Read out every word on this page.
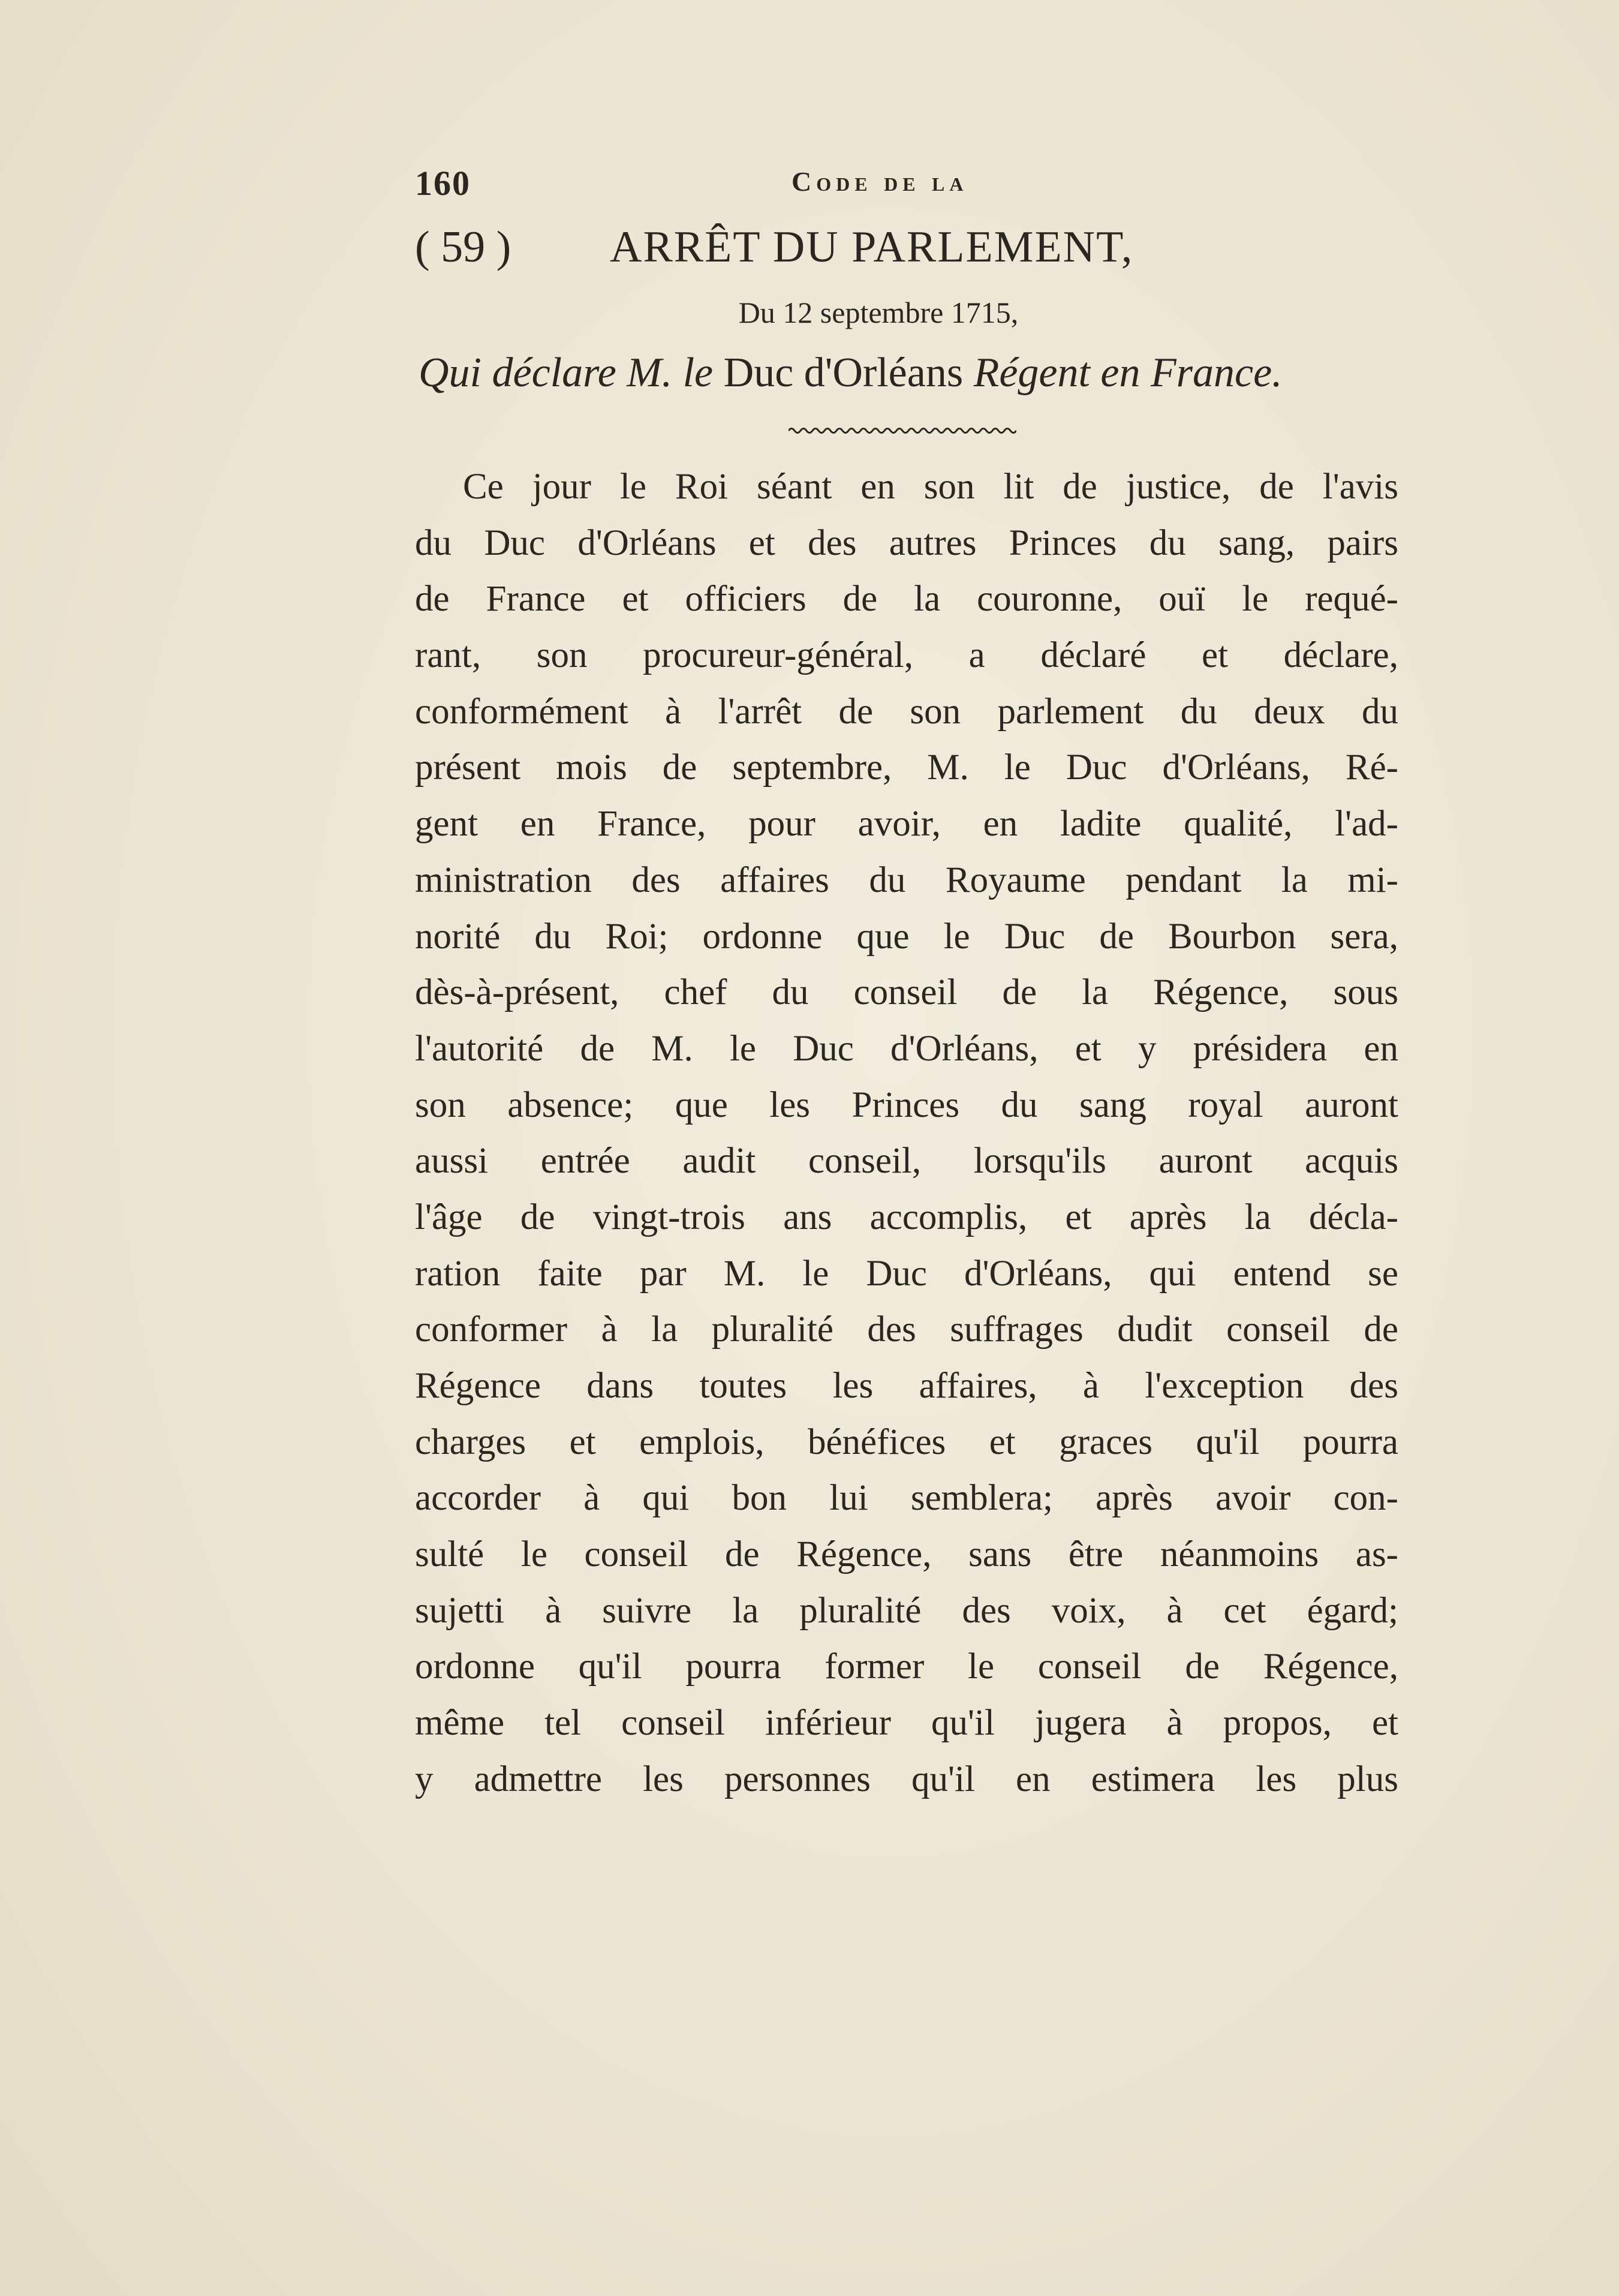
160	Code de la
( 59 ) ARRÊT DU PARLEMENT,
Du 12 septembre 1715,
Qui déclare M. le Duc d'Orléans Régent en France.
Ce jour le Roi séant en son lit de justice, de l'avis
du Duc d'Orléans et des autres Princes du sang, pairs
de France et officiers de la couronne, ouï le requé-
rant, son procureur-général, a déclaré et déclare,
conformément à l'arrêt de son parlement du deux du
présent mois de septembre, M. le Duc d'Orléans, Ré-
gent en France, pour avoir, en ladite qualité, l'ad-
ministration des affaires du Royaume pendant la mi-
norité du Roi; ordonne que le Duc de Bourbon sera,
dès-à-présent, chef du conseil de la Régence, sous
l'autorité de M. le Duc d'Orléans, et y présidera en
son absence; que les Princes du sang royal auront
aussi entrée audit conseil, lorsqu'ils auront acquis
l'âge de vingt-trois ans accomplis, et après la décla-
ration faite par M. le Duc d'Orléans, qui entend se
conformer à la pluralité des suffrages dudit conseil de
Régence dans toutes les affaires, à l'exception des
charges et emplois, bénéfices et graces qu'il pourra
accorder à qui bon lui semblera; après avoir con-
sulté le conseil de Régence, sans être néanmoins as-
sujetti à suivre la pluralité des voix, à cet égard;
ordonne qu'il pourra former le conseil de Régence,
même tel conseil inférieur qu'il jugera à propos, et
y admettre les personnes qu'il en estimera les plus
